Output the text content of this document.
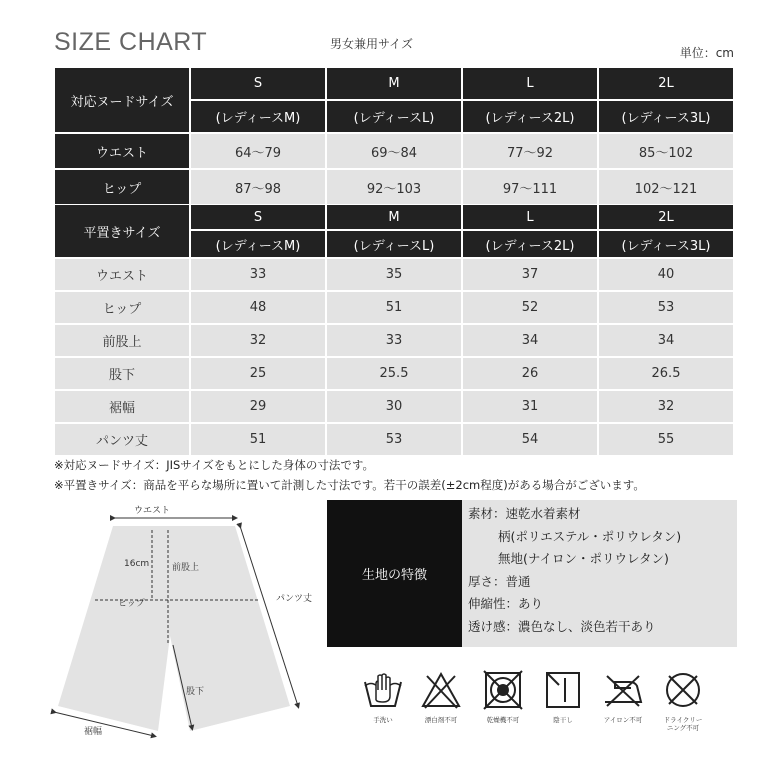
SIZE CHART	男女兼用サイズ
単位：cm
対応ヌードサイズ	S	M	L	2L
	(レディースM)	(レディースL)	(レディース2L)	(レディース3L)
ウエスト	64～79	69～84	77～92	85～102
ヒップ	87～98	92～103	97～111	102～121
平置きサイズ	S	M	L	2L
	(レディースM)	(レディースL)	(レディース2L)	(レディース3L)
ウエスト	33	35	37	40
ヒップ	48	51	52	53
前股上	32	33	34	34
股下	25	25.5	26	26.5
裾幅	29	30	31	32
パンツ丈	51	53	54	55
※対応ヌードサイズ：JISサイズをもとにした身体の寸法です。
※平置きサイズ：商品を平らな場所に置いて計測した寸法です。若干の誤差(±2cm程度)がある場合がございます。
ウエスト
16cm	前股上
ヒップ	パンツ丈
股下
裾幅
生地の特徴
素材：速乾水着素材
柄(ポリエステル・ポリウレタン)
無地(ナイロン・ポリウレタン)
厚さ：普通
伸縮性：あり
透け感：濃色なし、淡色若干あり
手洗い	漂白剤不可	乾燥機不可	陰干し	アイロン不可	ドライクリー
ニング不可
